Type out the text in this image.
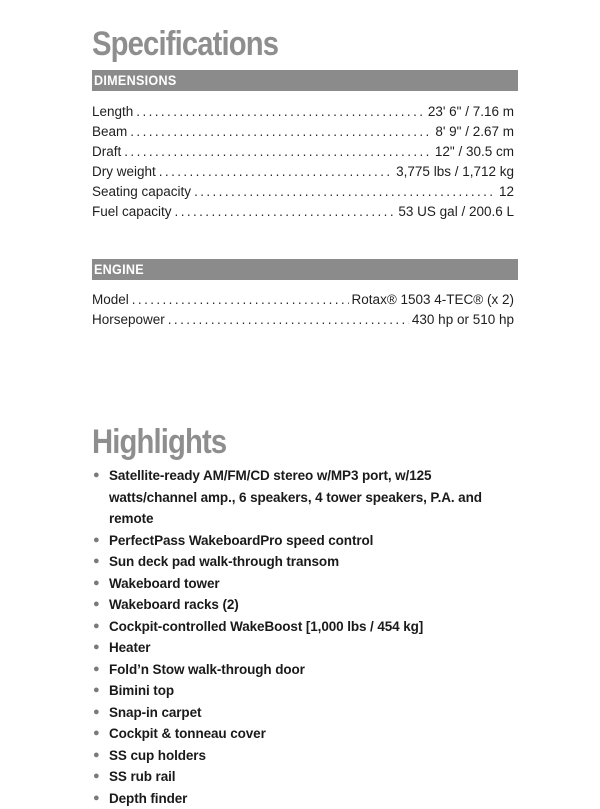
Specifications
DIMENSIONS
Length .....	23' 6" / 7.16 m
Beam .....	8' 9" / 2.67 m
Draft .....	12" / 30.5 cm
Dry weight .....	3,775 lbs / 1,712 kg
Seating capacity .....	12
Fuel capacity .....	53 US gal / 200.6 L
ENGINE
Model .....	Rotax® 1503 4-TEC® (x 2)
Horsepower .....	430 hp or 510 hp
Highlights
● Satellite-ready AM/FM/CD stereo w/MP3 port, w/125 watts/channel amp., 6 speakers, 4 tower speakers, P.A. and remote
● PerfectPass WakeboardPro speed control
● Sun deck pad walk-through transom
● Wakeboard tower
● Wakeboard racks (2)
● Cockpit-controlled WakeBoost [1,000 lbs / 454 kg]
● Heater
● Fold’n Stow walk-through door
● Bimini top
● Snap-in carpet
● Cockpit & tonneau cover
● SS cup holders
● SS rub rail
● Depth finder
